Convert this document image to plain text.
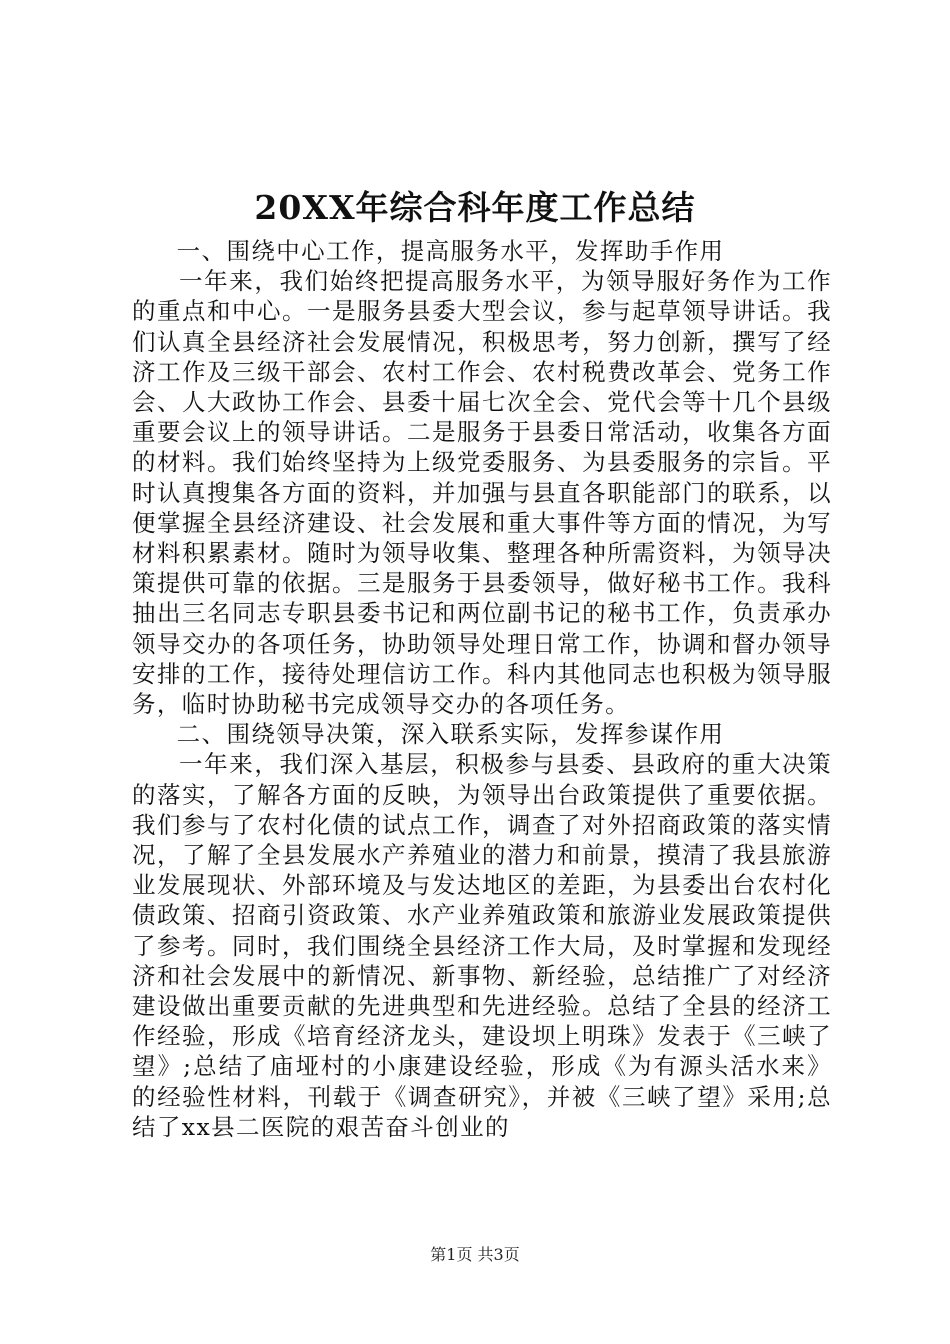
20XX年综合科年度工作总结

一、围绕中心工作，提高服务水平，发挥助手作用

一年来，我们始终把提高服务水平，为领导服好务作为工作的重点和中心。一是服务县委大型会议，参与起草领导讲话。我们认真全县经济社会发展情况，积极思考，努力创新，撰写了经济工作及三级干部会、农村工作会、农村税费改革会、党务工作会、人大政协工作会、县委十届七次全会、党代会等十几个县级重要会议上的领导讲话。二是服务于县委日常活动，收集各方面的材料。我们始终坚持为上级党委服务、为县委服务的宗旨。平时认真搜集各方面的资料，并加强与县直各职能部门的联系，以便掌握全县经济建设、社会发展和重大事件等方面的情况，为写材料积累素材。随时为领导收集、整理各种所需资料，为领导决策提供可靠的依据。三是服务于县委领导，做好秘书工作。我科抽出三名同志专职县委书记和两位副书记的秘书工作，负责承办领导交办的各项任务，协助领导处理日常工作，协调和督办领导安排的工作，接待处理信访工作。科内其他同志也积极为领导服务，临时协助秘书完成领导交办的各项任务。

二、围绕领导决策，深入联系实际，发挥参谋作用

一年来，我们深入基层，积极参与县委、县政府的重大决策的落实，了解各方面的反映，为领导出台政策提供了重要依据。我们参与了农村化债的试点工作，调查了对外招商政策的落实情况，了解了全县发展水产养殖业的潜力和前景，摸清了我县旅游业发展现状、外部环境及与发达地区的差距，为县委出台农村化债政策、招商引资政策、水产业养殖政策和旅游业发展政策提供了参考。同时，我们围绕全县经济工作大局，及时掌握和发现经济和社会发展中的新情况、新事物、新经验，总结推广了对经济建设做出重要贡献的先进典型和先进经验。总结了全县的经济工作经验，形成《培育经济龙头，建设坝上明珠》发表于《三峡了望》;总结了庙垭村的小康建设经验，形成《为有源头活水来》的经验性材料，刊载于《调查研究》，并被《三峡了望》采用;总结了xx县二医院的艰苦奋斗创业的

第1页 共3页
